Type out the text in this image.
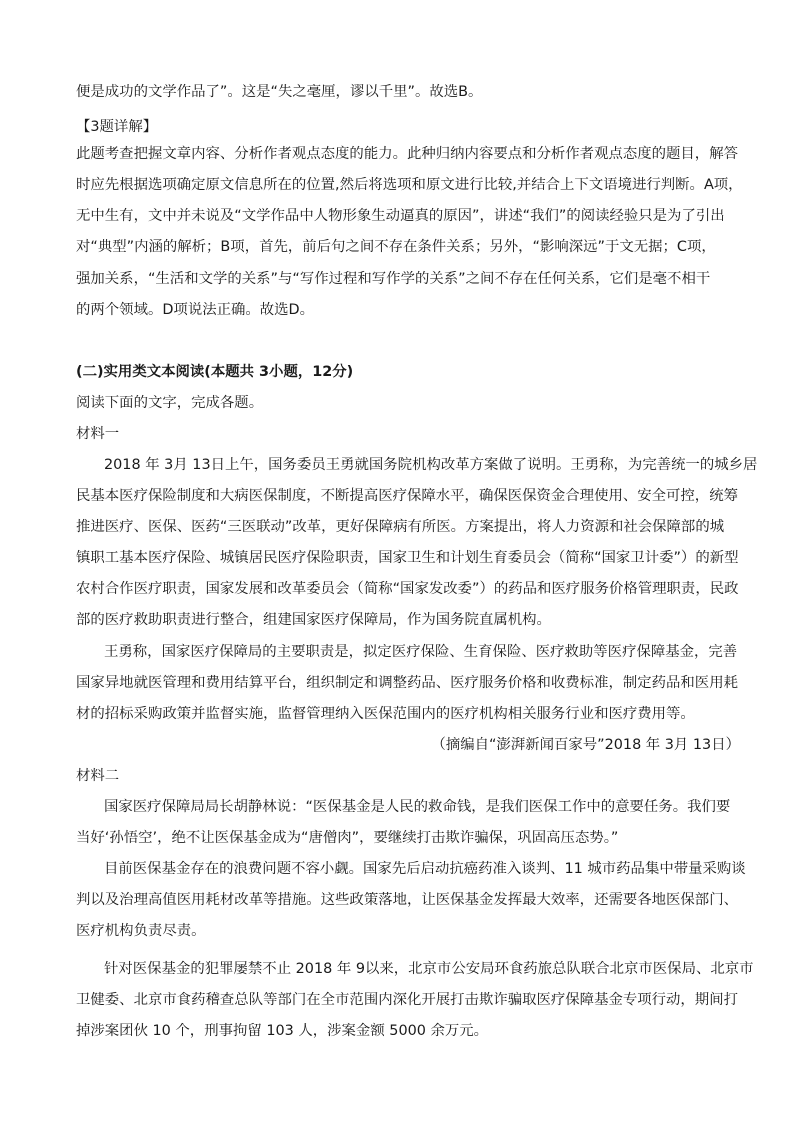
便是成功的文学作品了”。这是“失之毫厘，谬以千里”。故选B。
【3题详解】
此题考查把握文章内容、分析作者观点态度的能力。此种归纳内容要点和分析作者观点态度的题目，解答
时应先根据选项确定原文信息所在的位置,然后将选项和原文进行比较,并结合上下文语境进行判断。A项，
无中生有，文中并未说及“文学作品中人物形象生动逼真的原因”，讲述“我们”的阅读经验只是为了引出
对“典型”内涵的解析；B项，首先，前后句之间不存在条件关系；另外，“影响深远”于文无据；C项，
强加关系，“生活和文学的关系”与“写作过程和写作学的关系”之间不存在任何关系，它们是毫不相干
的两个领域。D项说法正确。故选D。
(二)实用类文本阅读(本题共 3小题，12分)
阅读下面的文字，完成各题。
材料一
2018 年 3月 13日上午，国务委员王勇就国务院机构改革方案做了说明。王勇称，为完善统一的城乡居
民基本医疗保险制度和大病医保制度，不断提高医疗保障水平，确保医保资金合理使用、安全可控，统筹
推进医疗、医保、医药“三医联动”改革，更好保障病有所医。方案提出，将人力资源和社会保障部的城
镇职工基本医疗保险、城镇居民医疗保险职责，国家卫生和计划生育委员会（简称“国家卫计委”）的新型
农村合作医疗职责，国家发展和改革委员会（简称“国家发改委”）的药品和医疗服务价格管理职责，民政
部的医疗救助职责进行整合，组建国家医疗保障局，作为国务院直属机构。
王勇称，国家医疗保障局的主要职责是，拟定医疗保险、生育保险、医疗救助等医疗保障基金，完善
国家异地就医管理和费用结算平台，组织制定和调整药品、医疗服务价格和收费标准，制定药品和医用耗
材的招标采购政策并监督实施，监督管理纳入医保范围内的医疗机构相关服务行业和医疗费用等。
（摘编自“澎湃新闻百家号”2018 年 3月 13日）
材料二
国家医疗保障局局长胡静林说：“医保基金是人民的救命钱，是我们医保工作中的意要任务。我们要
当好‘孙悟空’，绝不让医保基金成为“唐僧肉”，要继续打击欺诈骗保，巩固高压态势。”
目前医保基金存在的浪费问题不容小觑。国家先后启动抗癌药准入谈判、11 城市药品集中带量采购谈
判以及治理高值医用耗材改革等措施。这些政策落地，让医保基金发挥最大效率，还需要各地医保部门、
医疗机构负责尽责。
针对医保基金的犯罪屡禁不止 2018 年 9以来，北京市公安局环食药旅总队联合北京市医保局、北京市
卫健委、北京市食药稽查总队等部门在全市范围内深化开展打击欺诈骗取医疗保障基金专项行动，期间打
掉涉案团伙 10 个，刑事拘留 103 人，涉案金额 5000 余万元。
